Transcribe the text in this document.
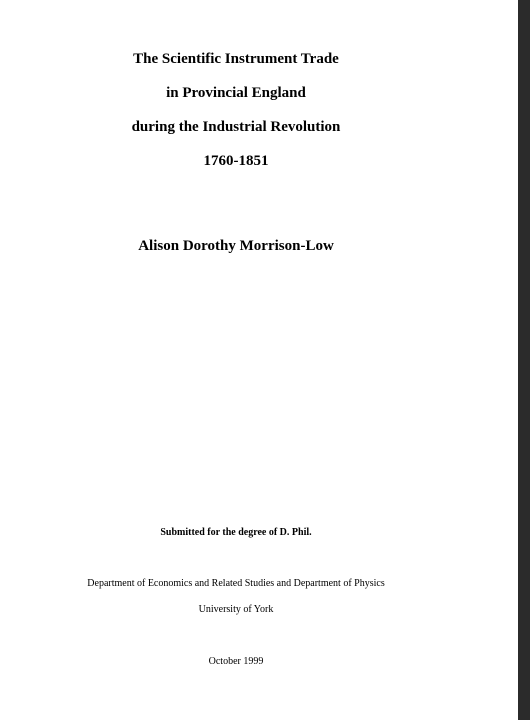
The Scientific Instrument Trade
in Provincial England
during the Industrial Revolution
1760-1851
Alison Dorothy Morrison-Low
Submitted for the degree of D. Phil.
Department of Economics and Related Studies and Department of Physics
University of York
October 1999
